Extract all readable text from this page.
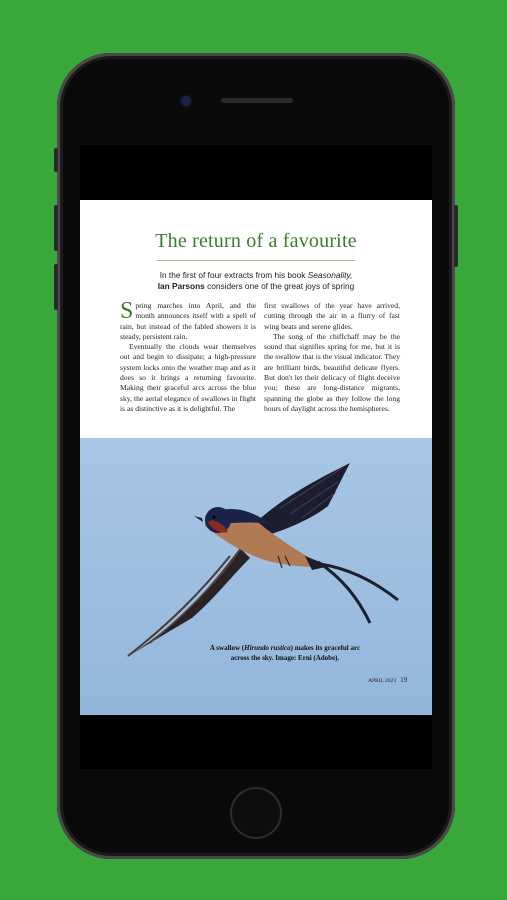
The return of a favourite
In the first of four extracts from his book Seasonality,
Ian Parsons considers one of the great joys of spring

Spring marches into April, and the month announces itself with a spell of rain, but instead of the fabled showers it is steady, persistent rain.

Eventually the clouds wear themselves out and begin to dissipate; a high-pressure system locks onto the weather map and as it does so it brings a returning favourite. Making their graceful arcs across the blue sky, the aerial elegance of swallows in flight is as distinctive as it is delightful. The

first swallows of the year have arrived, cutting through the air in a flurry of fast wing beats and serene glides.

The song of the chiffchaff may be the sound that signifies spring for me, but it is the swallow that is the visual indicator. They are brilliant birds, beautiful delicate flyers. But don't let their delicacy of flight deceive you; these are long-distance migrants, spanning the globe as they follow the long hours of daylight across the hemispheres.

A swallow (Hirundo rustica) makes its graceful arc across the sky. Image: Erni (Adobe).
APRIL 2023 19
